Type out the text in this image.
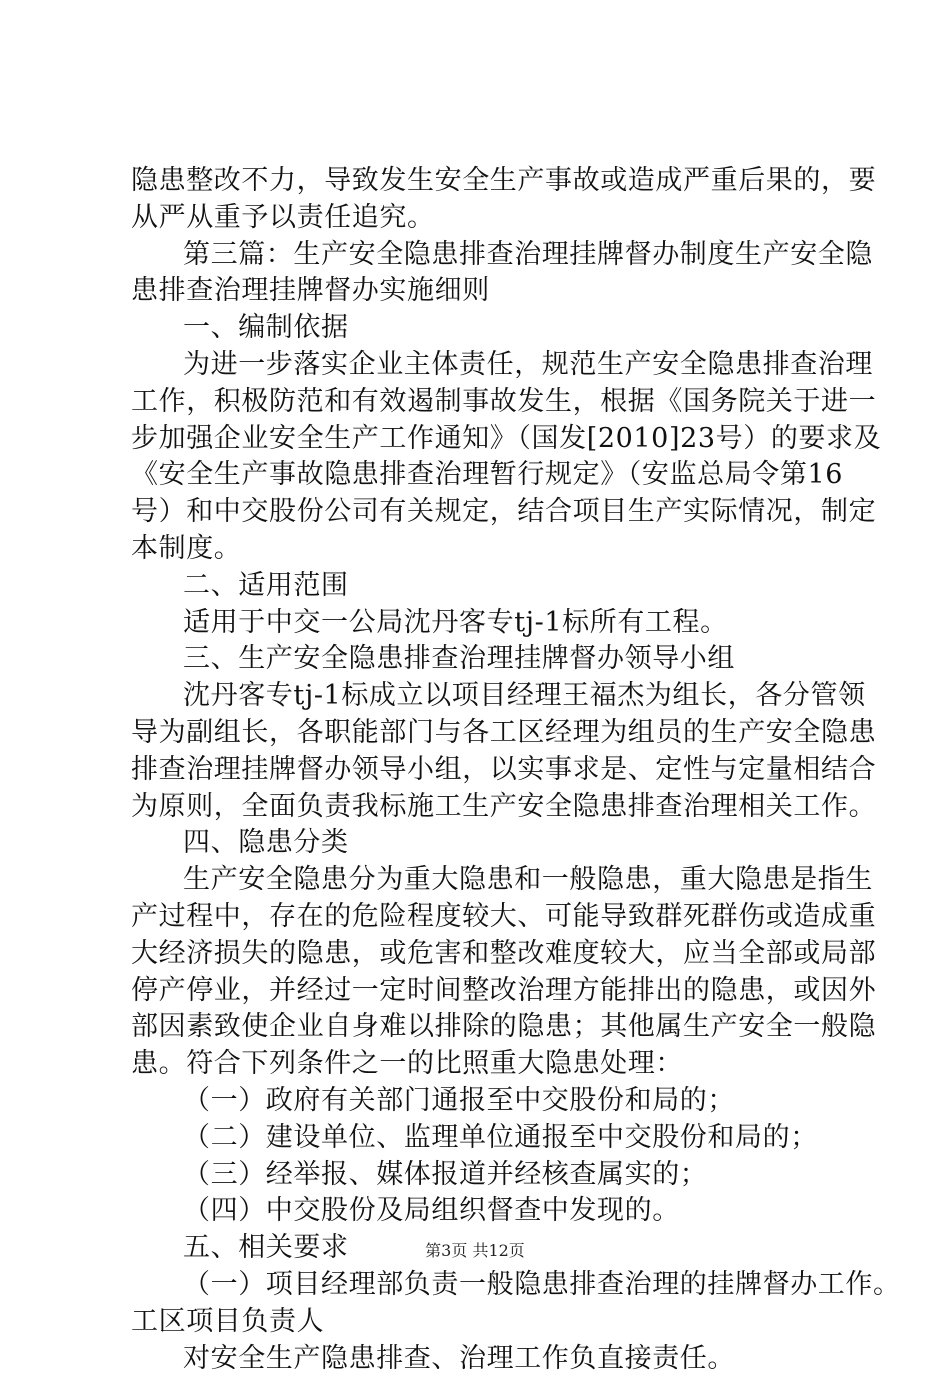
隐患整改不力，导致发生安全生产事故或造成严重后果的，要
从严从重予以责任追究。
第三篇：生产安全隐患排查治理挂牌督办制度生产安全隐
患排查治理挂牌督办实施细则
一、编制依据
为进一步落实企业主体责任，规范生产安全隐患排查治理
工作，积极防范和有效遏制事故发生，根据《国务院关于进一
步加强企业安全生产工作通知》（国发[2010]23号）的要求及
《安全生产事故隐患排查治理暂行规定》（安监总局令第16
号）和中交股份公司有关规定，结合项目生产实际情况，制定
本制度。
二、适用范围
适用于中交一公局沈丹客专tj-1标所有工程。
三、生产安全隐患排查治理挂牌督办领导小组
沈丹客专tj-1标成立以项目经理王福杰为组长，各分管领
导为副组长，各职能部门与各工区经理为组员的生产安全隐患
排查治理挂牌督办领导小组，以实事求是、定性与定量相结合
为原则，全面负责我标施工生产安全隐患排查治理相关工作。
四、隐患分类
生产安全隐患分为重大隐患和一般隐患，重大隐患是指生
产过程中，存在的危险程度较大、可能导致群死群伤或造成重
大经济损失的隐患，或危害和整改难度较大，应当全部或局部
停产停业，并经过一定时间整改治理方能排出的隐患，或因外
部因素致使企业自身难以排除的隐患；其他属生产安全一般隐
患。符合下列条件之一的比照重大隐患处理：
（一）政府有关部门通报至中交股份和局的；
（二）建设单位、监理单位通报至中交股份和局的；
（三）经举报、媒体报道并经核查属实的；
（四）中交股份及局组织督查中发现的。
五、相关要求
（一）项目经理部负责一般隐患排查治理的挂牌督办工作。
工区项目负责人
对安全生产隐患排查、治理工作负直接责任。
第3页 共12页
